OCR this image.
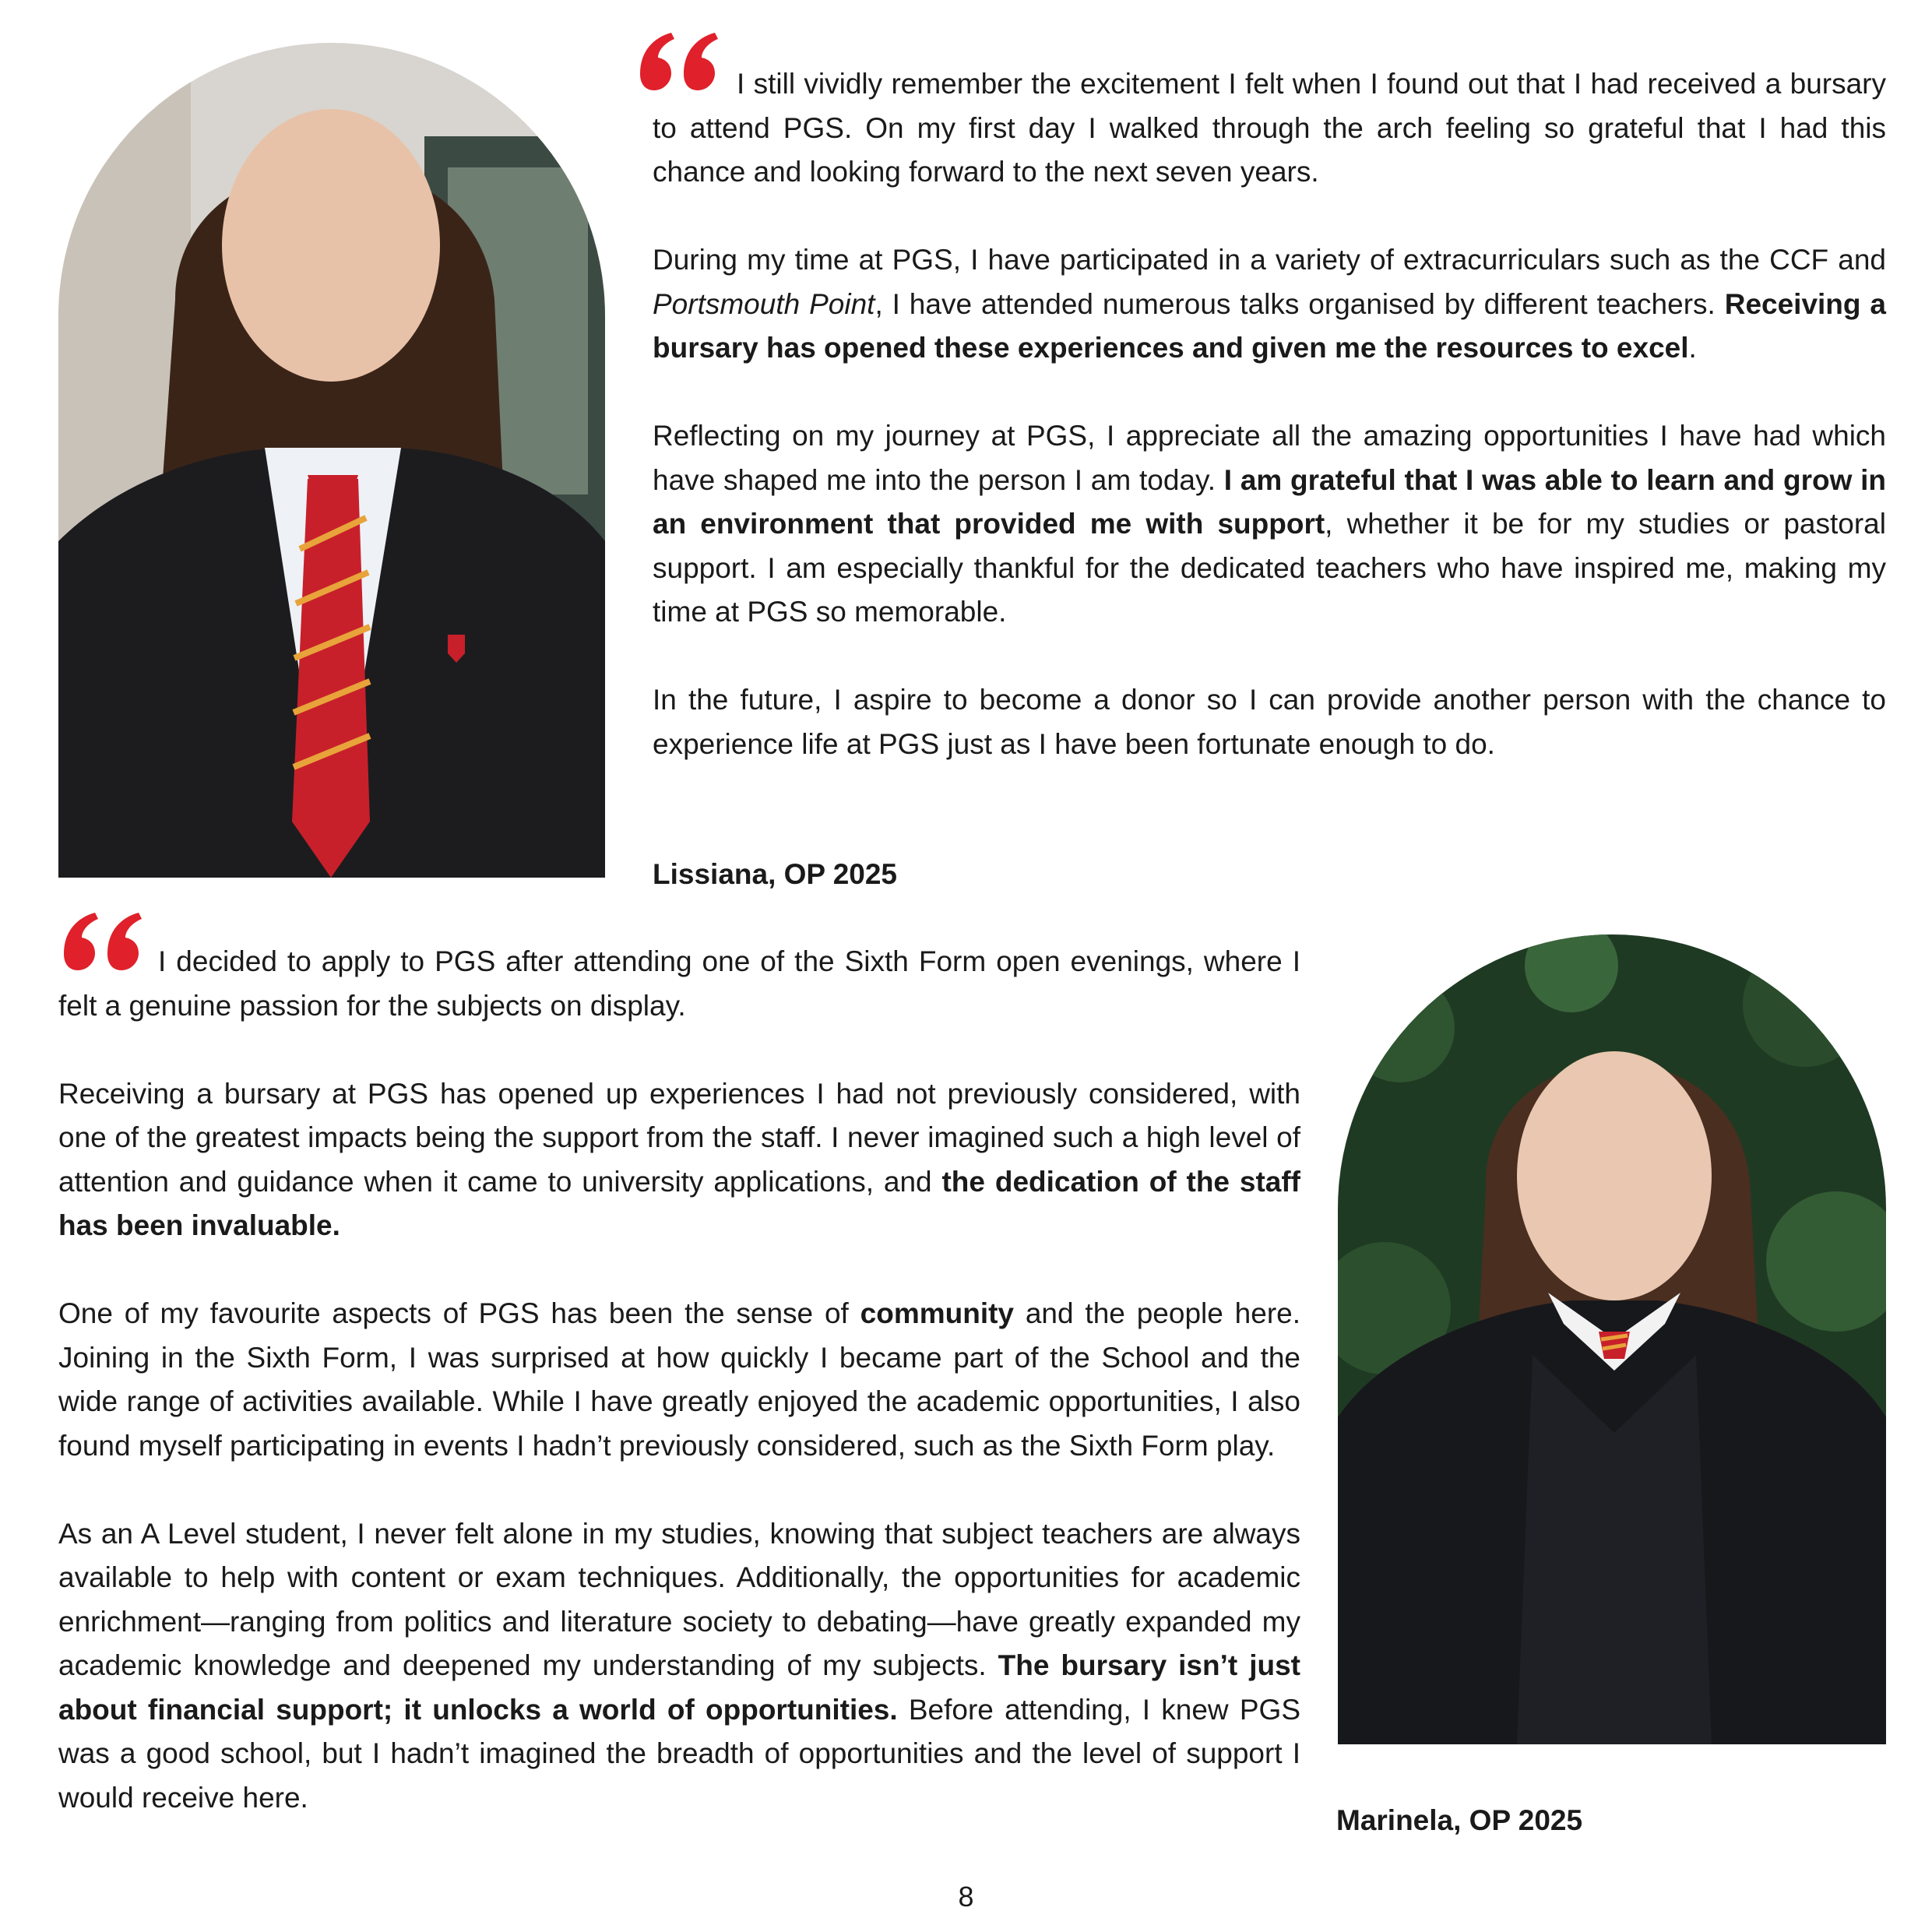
I still vividly remember the excitement I felt when I found out that I had received a bursary to attend PGS. On my first day I walked through the arch feeling so grateful that I had this chance and looking forward to the next seven years.

During my time at PGS, I have participated in a variety of extracurriculars such as the CCF and Portsmouth Point, I have attended numerous talks organised by different teachers. Receiving a bursary has opened these experiences and given me the resources to excel.

Reflecting on my journey at PGS, I appreciate all the amazing opportunities I have had which have shaped me into the person I am today. I am grateful that I was able to learn and grow in an environment that provided me with support, whether it be for my studies or pastoral support. I am especially thankful for the dedicated teachers who have inspired me, making my time at PGS so memorable.

In the future, I aspire to become a donor so I can provide another person with the chance to experience life at PGS just as I have been fortunate enough to do.

Lissiana, OP 2025

I decided to apply to PGS after attending one of the Sixth Form open evenings, where I felt a genuine passion for the subjects on display.

Receiving a bursary at PGS has opened up experiences I had not previously considered, with one of the greatest impacts being the support from the staff. I never imagined such a high level of attention and guidance when it came to university applications, and the dedication of the staff has been invaluable.

One of my favourite aspects of PGS has been the sense of community and the people here. Joining in the Sixth Form, I was surprised at how quickly I became part of the School and the wide range of activities available. While I have greatly enjoyed the academic opportunities, I also found myself participating in events I hadn’t previously considered, such as the Sixth Form play.

As an A Level student, I never felt alone in my studies, knowing that subject teachers are always available to help with content or exam techniques. Additionally, the opportunities for academic enrichment—ranging from politics and literature society to debating—have greatly expanded my academic knowledge and deepened my understanding of my subjects. The bursary isn’t just about financial support; it unlocks a world of opportunities. Before attending, I knew PGS was a good school, but I hadn’t imagined the breadth of opportunities and the level of support I would receive here.

Marinela, OP 2025
8
